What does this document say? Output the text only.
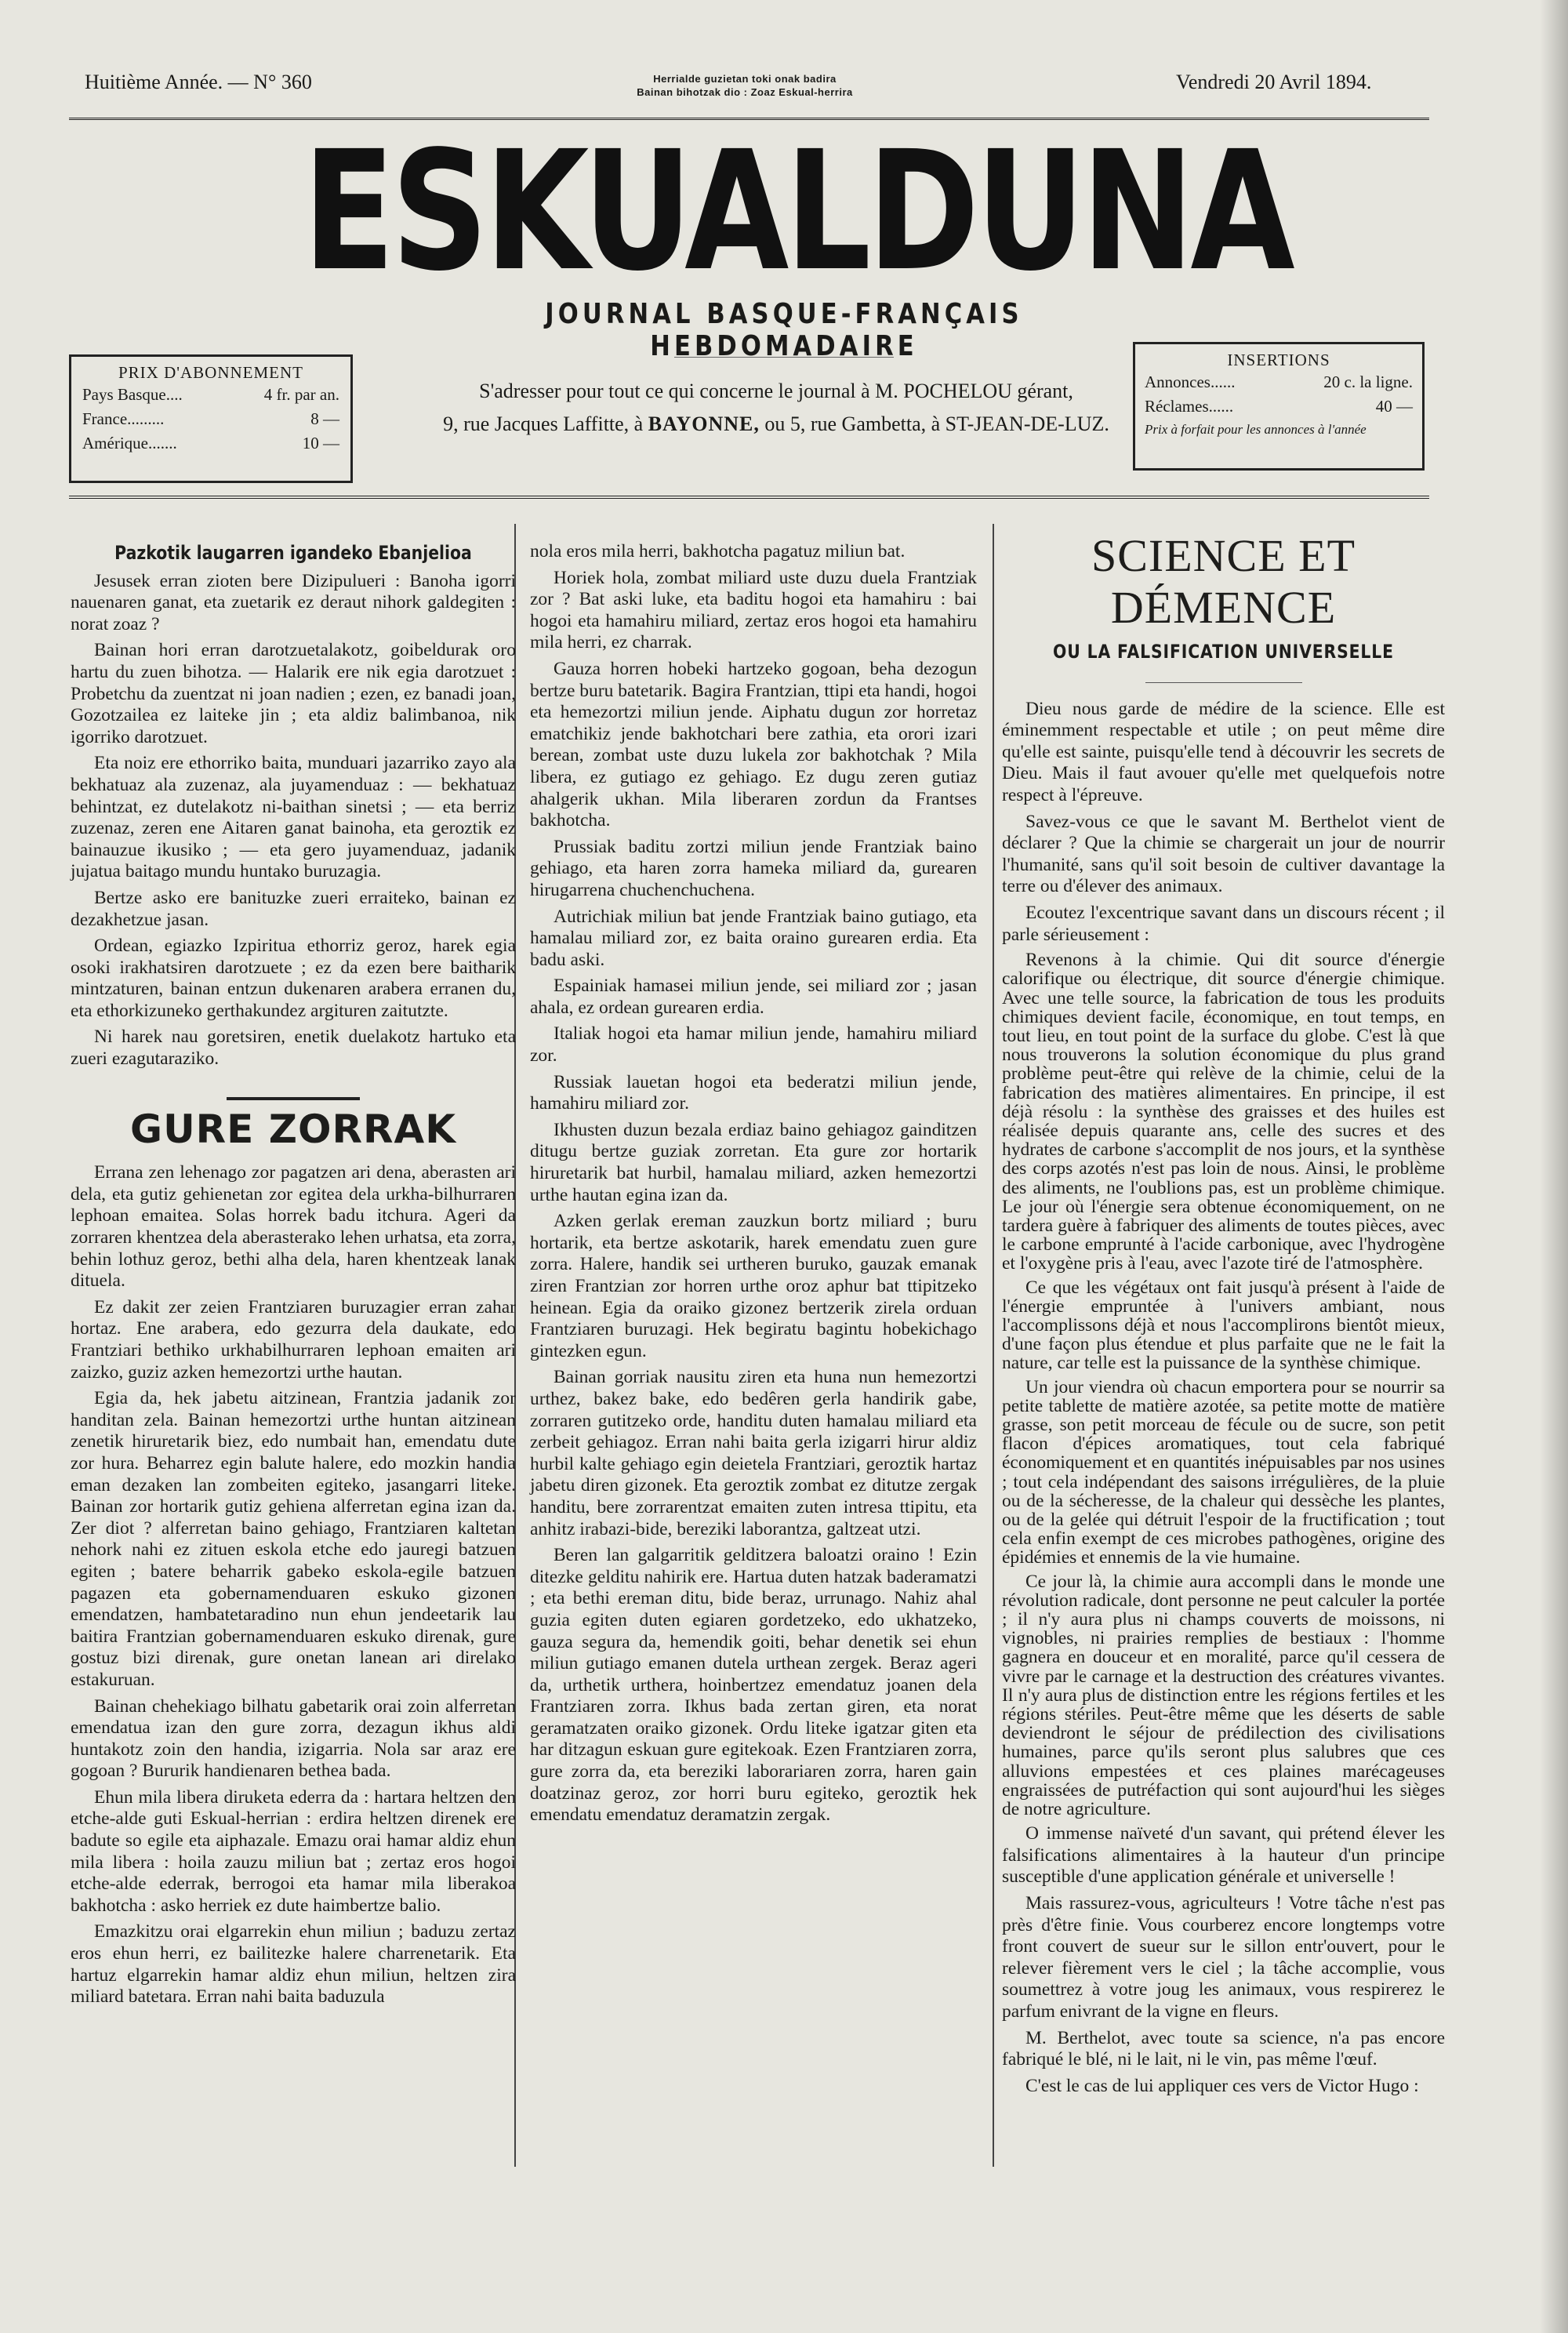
Huitième Année. — N° 360	Herrialde guzietan toki onak badira
Bainan bihotzak dio : Zoaz Eskual-herrira	Vendredi 20 Avril 1894.
ESKUALDUNA
JOURNAL BASQUE-FRANÇAIS HEBDOMADAIRE
PRIX D'ABONNEMENT
Pays Basque....	4 fr. par an.
France.........	8 —
Amérique.......	10 —
S'adresser pour tout ce qui concerne le journal à M. POCHELOU gérant,
9, rue Jacques Laffitte, à BAYONNE, ou 5, rue Gambetta, à ST-JEAN-DE-LUZ.
INSERTIONS
Annonces......	20 c. la ligne.
Réclames......	40 —
Prix à forfait pour les annonces à l'année
Pazkotik laugarren igandeko Ebanjelioa

Jesusek erran zioten bere Dizipulueri : Banoha igorri nauenaren ganat, eta zuetarik ez deraut nihork galdegiten : norat zoaz ?

Bainan hori erran darotzuetalakotz, goibeldurak oro hartu du zuen bihotza. — Halarik ere nik egia darotzuet : Probetchu da zuentzat ni joan nadien ; ezen, ez banadi joan, Gozotzailea ez laiteke jin ; eta aldiz balimbanoa, nik igorriko darotzuet.

Eta noiz ere ethorriko baita, munduari jazarriko zayo ala bekhatuaz ala zuzenaz, ala juyamenduaz : — bekhatuaz behintzat, ez dutelakotz ni-baithan sinetsi ; — eta berriz zuzenaz, zeren ene Aitaren ganat bainoha, eta geroztik ez bainauzue ikusiko ; — eta gero juyamenduaz, jadanik jujatua baitago mundu huntako buruzagia.

Bertze asko ere banituzke zueri erraiteko, bainan ez dezakhetzue jasan.

Ordean, egiazko Izpiritua ethorriz geroz, harek egia osoki irakhatsiren darotzuete ; ez da ezen bere baitharik mintzaturen, bainan entzun dukenaren arabera erranen du, eta ethorkizuneko gerthakundez argituren zaitutzte.

Ni harek nau goretsiren, enetik duelakotz hartuko eta zueri ezagutaraziko.

GURE ZORRAK

Errana zen lehenago zor pagatzen ari dena, aberasten ari dela, eta gutiz gehienetan zor egitea dela urkha-bilhurraren lephoan emaitea. Solas horrek badu itchura. Ageri da zorraren khentzea dela aberasterako lehen urhatsa, eta zorra, behin lothuz geroz, bethi alha dela, haren khentzeak lanak dituela.

Ez dakit zer zeien Frantziaren buruzagier erran zahar hortaz. Ene arabera, edo gezurra dela daukate, edo Frantziari bethiko urkhabilhurraren lephoan emaiten ari zaizko, guziz azken hemezortzi urthe hautan.

Egia da, hek jabetu aitzinean, Frantzia jadanik zor handitan zela. Bainan hemezortzi urthe huntan aitzinean zenetik hiruretarik biez, edo numbait han, emendatu dute zor hura. Beharrez egin balute halere, edo mozkin handia eman dezaken lan zombeiten egiteko, jasangarri liteke. Bainan zor hortarik gutiz gehiena alferretan egina izan da. Zer diot ? alferretan baino gehiago, Frantziaren kaltetan nehork nahi ez zituen eskola etche edo jauregi batzuen egiten ; batere beharrik gabeko eskola-egile batzuen pagazen eta gobernamenduaren eskuko gizonen emendatzen, hambatetaradino nun ehun jendeetarik lau baitira Frantzian gobernamenduaren eskuko direnak, gure gostuz bizi direnak, gure onetan lanean ari direlako estakuruan.

Bainan chehekiago bilhatu gabetarik orai zoin alferretan emendatua izan den gure zorra, dezagun ikhus aldi huntakotz zoin den handia, izigarria. Nola sar araz ere gogoan ? Bururik handienaren bethea bada.

Ehun mila libera diruketa ederra da : hartara heltzen den etche-alde guti Eskual-herrian : erdira heltzen direnek ere badute so egile eta aiphazale. Emazu orai hamar aldiz ehun mila libera : hoila zauzu miliun bat ; zertaz eros hogoi etche-alde ederrak, berrogoi eta hamar mila liberakoa bakhotcha : asko herriek ez dute haimbertze balio.

Emazkitzu orai elgarrekin ehun miliun ; baduzu zertaz eros ehun herri, ez bailitezke halere charrenetarik. Eta hartuz elgarrekin hamar aldiz ehun miliun, heltzen zira miliard batetara. Erran nahi baita baduzula

nola eros mila herri, bakhotcha pagatuz miliun bat.

Horiek hola, zombat miliard uste duzu duela Frantziak zor ? Bat aski luke, eta baditu hogoi eta hamahiru : bai hogoi eta hamahiru miliard, zertaz eros hogoi eta hamahiru mila herri, ez charrak.

Gauza horren hobeki hartzeko gogoan, beha dezogun bertze buru batetarik. Bagira Frantzian, ttipi eta handi, hogoi eta hemezortzi miliun jende. Aiphatu dugun zor horretaz ematchikiz jende bakhotchari bere zathia, eta orori izari berean, zombat uste duzu lukela zor bakhotchak ? Mila libera, ez gutiago ez gehiago. Ez dugu zeren gutiaz ahalgerik ukhan. Mila liberaren zordun da Frantses bakhotcha.

Prussiak baditu zortzi miliun jende Frantziak baino gehiago, eta haren zorra hameka miliard da, gurearen hirugarrena chuchenchuchena.

Autrichiak miliun bat jende Frantziak baino gutiago, eta hamalau miliard zor, ez baita oraino gurearen erdia. Eta badu aski.

Espainiak hamasei miliun jende, sei miliard zor ; jasan ahala, ez ordean gurearen erdia.

Italiak hogoi eta hamar miliun jende, hamahiru miliard zor.

Russiak lauetan hogoi eta bederatzi miliun jende, hamahiru miliard zor.

Ikhusten duzun bezala erdiaz baino gehiagoz gainditzen ditugu bertze guziak zorretan. Eta gure zor hortarik hiruretarik bat hurbil, hamalau miliard, azken hemezortzi urthe hautan egina izan da.

Azken gerlak ereman zauzkun bortz miliard ; buru hortarik, eta bertze askotarik, harek emendatu zuen gure zorra. Halere, handik sei urtheren buruko, gauzak emanak ziren Frantzian zor horren urthe oroz aphur bat ttipitzeko heinean. Egia da oraiko gizonez bertzerik zirela orduan Frantziaren buruzagi. Hek begiratu bagintu hobekichago gintezken egun.

Bainan gorriak nausitu ziren eta huna nun hemezortzi urthez, bakez bake, edo bedêren gerla handirik gabe, zorraren gutitzeko orde, handitu duten hamalau miliard eta zerbeit gehiagoz. Erran nahi baita gerla izigarri hirur aldiz hurbil kalte gehiago egin deietela Frantziari, geroztik hartaz jabetu diren gizonek. Eta geroztik zombat ez ditutze zergak handitu, bere zorrarentzat emaiten zuten intresa ttipitu, eta anhitz irabazi-bide, bereziki laborantza, galtzeat utzi.

Beren lan galgarritik gelditzera baloatzi oraino ! Ezin ditezke gelditu nahirik ere. Hartua duten hatzak baderamatzi ; eta bethi ereman ditu, bide beraz, urrunago. Nahiz ahal guzia egiten duten egiaren gordetzeko, edo ukhatzeko, gauza segura da, hemendik goiti, behar denetik sei ehun miliun gutiago emanen dutela urthean zergek. Beraz ageri da, urthetik urthera, hoinbertzez emendatuz joanen dela Frantziaren zorra. Ikhus bada zertan giren, eta norat geramatzaten oraiko gizonek. Ordu liteke igatzar giten eta har ditzagun eskuan gure egitekoak. Ezen Frantziaren zorra, gure zorra da, eta bereziki laborariaren zorra, haren gain doatzinaz geroz, zor horri buru egiteko, geroztik hek emendatu emendatuz deramatzin zergak.

SCIENCE ET DÉMENCE
OU LA FALSIFICATION UNIVERSELLE

Dieu nous garde de médire de la science. Elle est éminemment respectable et utile ; on peut même dire qu'elle est sainte, puisqu'elle tend à découvrir les secrets de Dieu. Mais il faut avouer qu'elle met quelquefois notre respect à l'épreuve.

Savez-vous ce que le savant M. Berthelot vient de déclarer ? Que la chimie se chargerait un jour de nourrir l'humanité, sans qu'il soit besoin de cultiver davantage la terre ou d'élever des animaux.

Ecoutez l'excentrique savant dans un discours récent ; il parle sérieusement :

Revenons à la chimie. Qui dit source d'énergie calorifique ou électrique, dit source d'énergie chimique. Avec une telle source, la fabrication de tous les produits chimiques devient facile, économique, en tout temps, en tout lieu, en tout point de la surface du globe. C'est là que nous trouverons la solution économique du plus grand problème peut-être qui relève de la chimie, celui de la fabrication des matières alimentaires. En principe, il est déjà résolu : la synthèse des graisses et des huiles est réalisée depuis quarante ans, celle des sucres et des hydrates de carbone s'accomplit de nos jours, et la synthèse des corps azotés n'est pas loin de nous. Ainsi, le problème des aliments, ne l'oublions pas, est un problème chimique. Le jour où l'énergie sera obtenue économiquement, on ne tardera guère à fabriquer des aliments de toutes pièces, avec le carbone emprunté à l'acide carbonique, avec l'hydrogène et l'oxygène pris à l'eau, avec l'azote tiré de l'atmosphère.

Ce que les végétaux ont fait jusqu'à présent à l'aide de l'énergie empruntée à l'univers ambiant, nous l'accomplissons déjà et nous l'accomplirons bientôt mieux, d'une façon plus étendue et plus parfaite que ne le fait la nature, car telle est la puissance de la synthèse chimique.

Un jour viendra où chacun emportera pour se nourrir sa petite tablette de matière azotée, sa petite motte de matière grasse, son petit morceau de fécule ou de sucre, son petit flacon d'épices aromatiques, tout cela fabriqué économiquement et en quantités inépuisables par nos usines ; tout cela indépendant des saisons irrégulières, de la pluie ou de la sécheresse, de la chaleur qui dessèche les plantes, ou de la gelée qui détruit l'espoir de la fructification ; tout cela enfin exempt de ces microbes pathogènes, origine des épidémies et ennemis de la vie humaine.

Ce jour là, la chimie aura accompli dans le monde une révolution radicale, dont personne ne peut calculer la portée ; il n'y aura plus ni champs couverts de moissons, ni vignobles, ni prairies remplies de bestiaux : l'homme gagnera en douceur et en moralité, parce qu'il cessera de vivre par le carnage et la destruction des créatures vivantes. Il n'y aura plus de distinction entre les régions fertiles et les régions stériles. Peut-être même que les déserts de sable deviendront le séjour de prédilection des civilisations humaines, parce qu'ils seront plus salubres que ces alluvions empestées et ces plaines marécageuses engraissées de putréfaction qui sont aujourd'hui les sièges de notre agriculture.

O immense naïveté d'un savant, qui prétend élever les falsifications alimentaires à la hauteur d'un principe susceptible d'une application générale et universelle !

Mais rassurez-vous, agriculteurs ! Votre tâche n'est pas près d'être finie. Vous courberez encore longtemps votre front couvert de sueur sur le sillon entr'ouvert, pour le relever fièrement vers le ciel ; la tâche accomplie, vous soumettrez à votre joug les animaux, vous respirerez le parfum enivrant de la vigne en fleurs.

M. Berthelot, avec toute sa science, n'a pas encore fabriqué le blé, ni le lait, ni le vin, pas même l'œuf.

C'est le cas de lui appliquer ces vers de Victor Hugo :
